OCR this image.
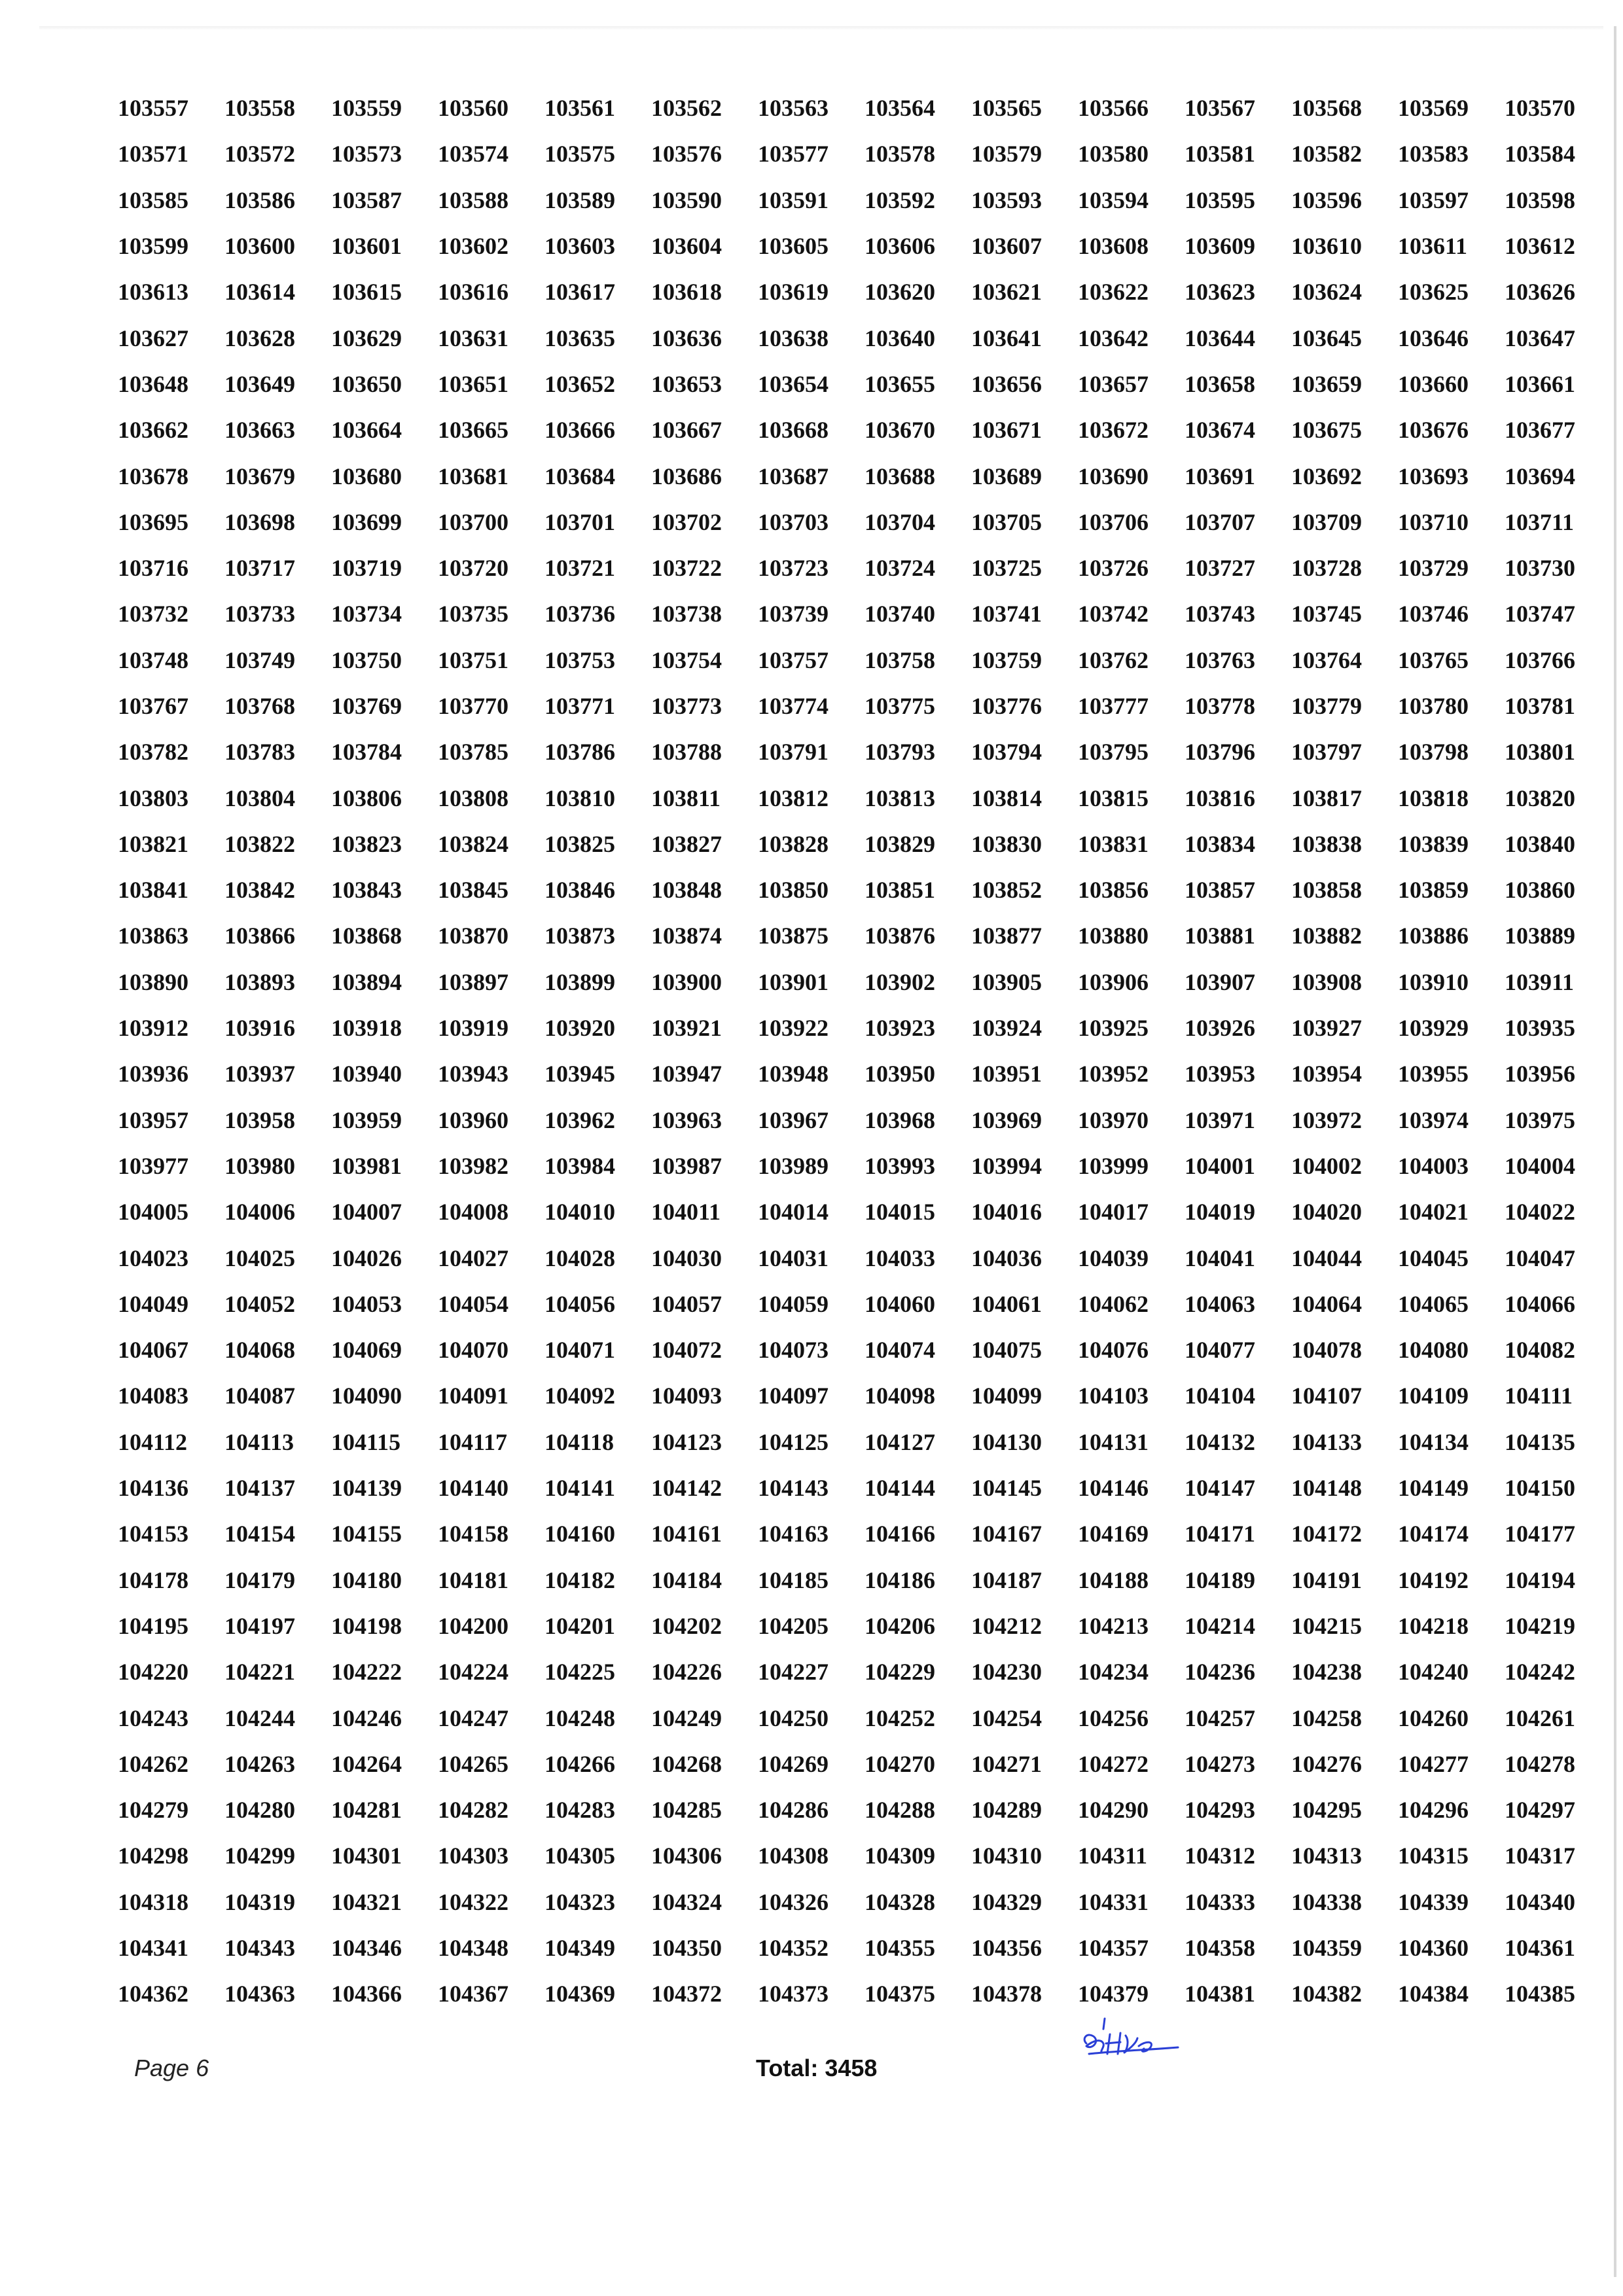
103557	103558	103559	103560	103561	103562	103563	103564	103565	103566	103567	103568	103569	103570
103571	103572	103573	103574	103575	103576	103577	103578	103579	103580	103581	103582	103583	103584
103585	103586	103587	103588	103589	103590	103591	103592	103593	103594	103595	103596	103597	103598
103599	103600	103601	103602	103603	103604	103605	103606	103607	103608	103609	103610	103611	103612
103613	103614	103615	103616	103617	103618	103619	103620	103621	103622	103623	103624	103625	103626
103627	103628	103629	103631	103635	103636	103638	103640	103641	103642	103644	103645	103646	103647
103648	103649	103650	103651	103652	103653	103654	103655	103656	103657	103658	103659	103660	103661
103662	103663	103664	103665	103666	103667	103668	103670	103671	103672	103674	103675	103676	103677
103678	103679	103680	103681	103684	103686	103687	103688	103689	103690	103691	103692	103693	103694
103695	103698	103699	103700	103701	103702	103703	103704	103705	103706	103707	103709	103710	103711
103716	103717	103719	103720	103721	103722	103723	103724	103725	103726	103727	103728	103729	103730
103732	103733	103734	103735	103736	103738	103739	103740	103741	103742	103743	103745	103746	103747
103748	103749	103750	103751	103753	103754	103757	103758	103759	103762	103763	103764	103765	103766
103767	103768	103769	103770	103771	103773	103774	103775	103776	103777	103778	103779	103780	103781
103782	103783	103784	103785	103786	103788	103791	103793	103794	103795	103796	103797	103798	103801
103803	103804	103806	103808	103810	103811	103812	103813	103814	103815	103816	103817	103818	103820
103821	103822	103823	103824	103825	103827	103828	103829	103830	103831	103834	103838	103839	103840
103841	103842	103843	103845	103846	103848	103850	103851	103852	103856	103857	103858	103859	103860
103863	103866	103868	103870	103873	103874	103875	103876	103877	103880	103881	103882	103886	103889
103890	103893	103894	103897	103899	103900	103901	103902	103905	103906	103907	103908	103910	103911
103912	103916	103918	103919	103920	103921	103922	103923	103924	103925	103926	103927	103929	103935
103936	103937	103940	103943	103945	103947	103948	103950	103951	103952	103953	103954	103955	103956
103957	103958	103959	103960	103962	103963	103967	103968	103969	103970	103971	103972	103974	103975
103977	103980	103981	103982	103984	103987	103989	103993	103994	103999	104001	104002	104003	104004
104005	104006	104007	104008	104010	104011	104014	104015	104016	104017	104019	104020	104021	104022
104023	104025	104026	104027	104028	104030	104031	104033	104036	104039	104041	104044	104045	104047
104049	104052	104053	104054	104056	104057	104059	104060	104061	104062	104063	104064	104065	104066
104067	104068	104069	104070	104071	104072	104073	104074	104075	104076	104077	104078	104080	104082
104083	104087	104090	104091	104092	104093	104097	104098	104099	104103	104104	104107	104109	104111
104112	104113	104115	104117	104118	104123	104125	104127	104130	104131	104132	104133	104134	104135
104136	104137	104139	104140	104141	104142	104143	104144	104145	104146	104147	104148	104149	104150
104153	104154	104155	104158	104160	104161	104163	104166	104167	104169	104171	104172	104174	104177
104178	104179	104180	104181	104182	104184	104185	104186	104187	104188	104189	104191	104192	104194
104195	104197	104198	104200	104201	104202	104205	104206	104212	104213	104214	104215	104218	104219
104220	104221	104222	104224	104225	104226	104227	104229	104230	104234	104236	104238	104240	104242
104243	104244	104246	104247	104248	104249	104250	104252	104254	104256	104257	104258	104260	104261
104262	104263	104264	104265	104266	104268	104269	104270	104271	104272	104273	104276	104277	104278
104279	104280	104281	104282	104283	104285	104286	104288	104289	104290	104293	104295	104296	104297
104298	104299	104301	104303	104305	104306	104308	104309	104310	104311	104312	104313	104315	104317
104318	104319	104321	104322	104323	104324	104326	104328	104329	104331	104333	104338	104339	104340
104341	104343	104346	104348	104349	104350	104352	104355	104356	104357	104358	104359	104360	104361
104362	104363	104366	104367	104369	104372	104373	104375	104378	104379	104381	104382	104384	104385
Page 6	Total: 3458
